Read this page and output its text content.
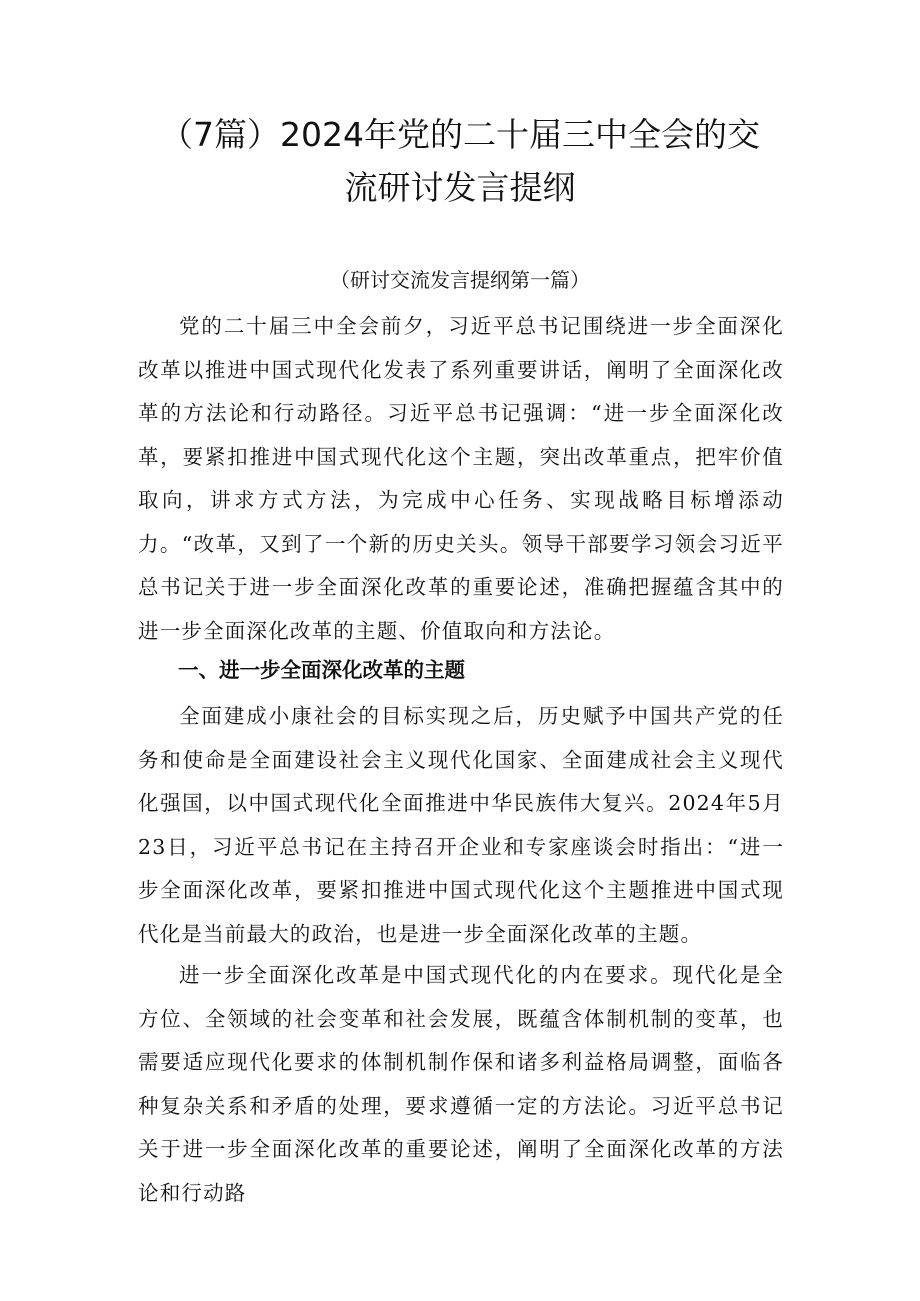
（7篇）2024年党的二十届三中全会的交
流研讨发言提纲

（研讨交流发言提纲第一篇）

党的二十届三中全会前夕，习近平总书记围绕进一步全面深化改革以推进中国式现代化发表了系列重要讲话，阐明了全面深化改革的方法论和行动路径。习近平总书记强调：“进一步全面深化改革，要紧扣推进中国式现代化这个主题，突出改革重点，把牢价值取向，讲求方式方法，为完成中心任务、实现战略目标增添动力。“改革，又到了一个新的历史关头。领导干部要学习领会习近平总书记关于进一步全面深化改革的重要论述，准确把握蕴含其中的进一步全面深化改革的主题、价值取向和方法论。

一、进一步全面深化改革的主题

全面建成小康社会的目标实现之后，历史赋予中国共产党的任务和使命是全面建设社会主义现代化国家、全面建成社会主义现代化强国，以中国式现代化全面推进中华民族伟大复兴。2024年5月23日，习近平总书记在主持召开企业和专家座谈会时指出：“进一步全面深化改革，要紧扣推进中国式现代化这个主题推进中国式现代化是当前最大的政治，也是进一步全面深化改革的主题。

进一步全面深化改革是中国式现代化的内在要求。现代化是全方位、全领域的社会变革和社会发展，既蕴含体制机制的变革，也需要适应现代化要求的体制机制作保和诸多利益格局调整，面临各种复杂关系和矛盾的处理，要求遵循一定的方法论。习近平总书记关于进一步全面深化改革的重要论述，阐明了全面深化改革的方法论和行动路
